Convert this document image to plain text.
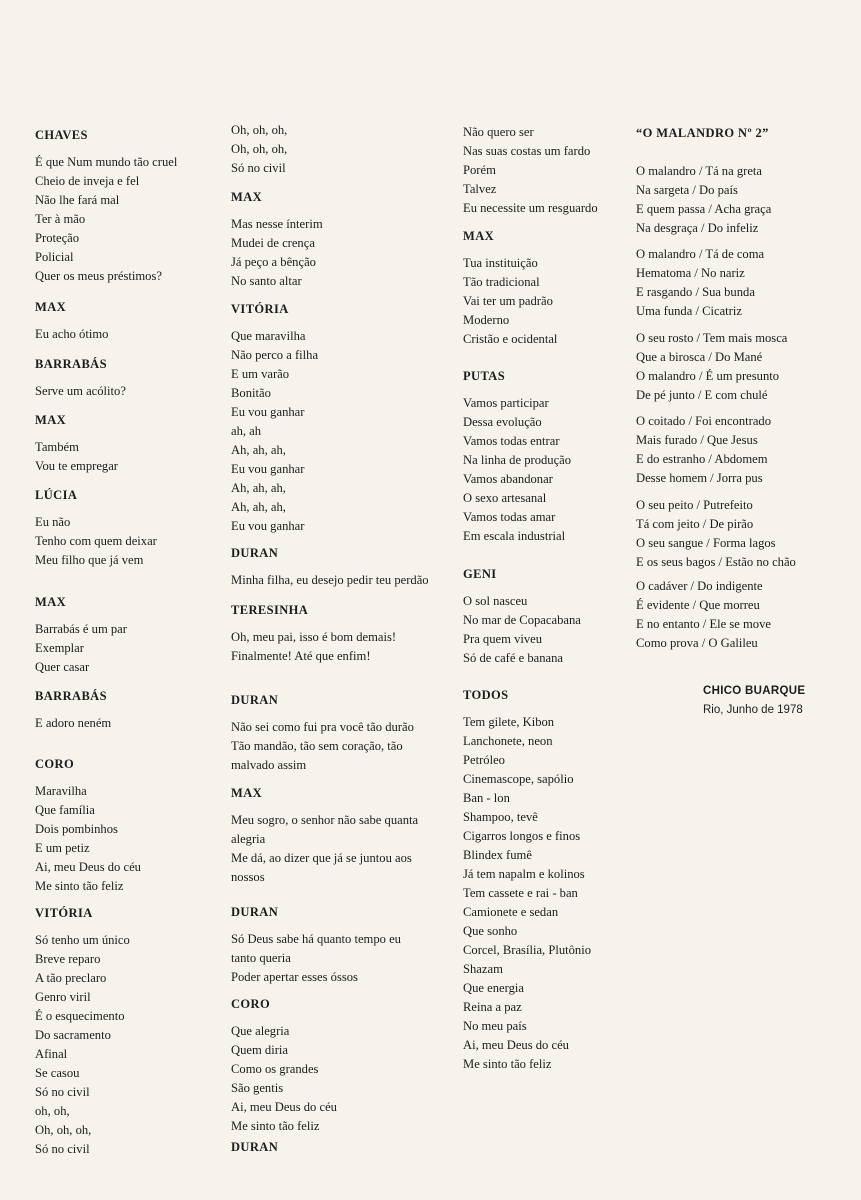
CHAVES
É que Num mundo tão cruel
Cheio de inveja e fel
Não lhe fará mal
Ter à mão
Proteção
Policial
Quer os meus préstimos?
MAX
Eu acho ótimo
BARRABÁS
Serve um acólito?
MAX
Também
Vou te empregar
LÚCIA
Eu não
Tenho com quem deixar
Meu filho que já vem
MAX
Barrabás é um par
Exemplar
Quer casar
BARRABÁS
E adoro neném
CORO
Maravilha
Que família
Dois pombinhos
E um petiz
Ai, meu Deus do céu
Me sinto tão feliz
VITÓRIA
Só tenho um único
Breve reparo
A tão preclaro
Genro viril
É o esquecimento
Do sacramento
Afinal
Se casou
Só no civil
oh, oh,
Oh, oh, oh,
Só no civil
Oh, oh, oh,
Oh, oh, oh,
Só no civil
MAX
Mas nesse ínterim
Mudei de crença
Já peço a bênção
No santo altar
VITÓRIA
Que maravilha
Não perco a filha
E um varão
Bonitão
Eu vou ganhar
ah, ah
Ah, ah, ah,
Eu vou ganhar
Ah, ah, ah,
Ah, ah, ah,
Eu vou ganhar
DURAN
Minha filha, eu desejo pedir teu perdão
TERESINHA
Oh, meu pai, isso é bom demais!
Finalmente! Até que enfim!
DURAN
Não sei como fui pra você tão durão
Tão mandão, tão sem coração, tão
malvado assim
MAX
Meu sogro, o senhor não sabe quanta
alegria
Me dá, ao dizer que já se juntou aos
nossos
DURAN
Só Deus sabe há quanto tempo eu
tanto queria
Poder apertar esses óssos
CORO
Que alegria
Quem diria
Como os grandes
São gentis
Ai, meu Deus do céu
Me sinto tão feliz
DURAN
Não quero ser
Nas suas costas um fardo
Porém
Talvez
Eu necessite um resguardo
MAX
Tua instituição
Tão tradicional
Vai ter um padrão
Moderno
Cristão e ocidental
PUTAS
Vamos participar
Dessa evolução
Vamos todas entrar
Na linha de produção
Vamos abandonar
O sexo artesanal
Vamos todas amar
Em escala industrial
GENI
O sol nasceu
No mar de Copacabana
Pra quem viveu
Só de café e banana
TODOS
Tem gilete, Kibon
Lanchonete, neon
Petróleo
Cinemascope, sapólio
Ban - lon
Shampoo, tevê
Cigarros longos e finos
Blindex fumê
Já tem napalm e kolinos
Tem cassete e rai - ban
Camionete e sedan
Que sonho
Corcel, Brasília, Plutônio
Shazam
Que energia
Reina a paz
No meu país
Ai, meu Deus do céu
Me sinto tão feliz
“O MALANDRO Nº 2”
O malandro / Tá na greta
Na sargeta / Do país
E quem passa / Acha graça
Na desgraça / Do infeliz
O malandro / Tá de coma
Hematoma / No nariz
E rasgando / Sua bunda
Uma funda / Cicatriz
O seu rosto / Tem mais mosca
Que a birosca / Do Mané
O malandro / É um presunto
De pé junto / E com chulé
O coitado / Foi encontrado
Mais furado / Que Jesus
E do estranho / Abdomem
Desse homem / Jorra pus
O seu peito / Putrefeito
Tá com jeito / De pirão
O seu sangue / Forma lagos
E os seus bagos / Estão no chão
O cadáver / Do indigente
É evidente / Que morreu
E no entanto / Ele se move
Como prova / O Galileu
CHICO BUARQUE
Rio, Junho de 1978
